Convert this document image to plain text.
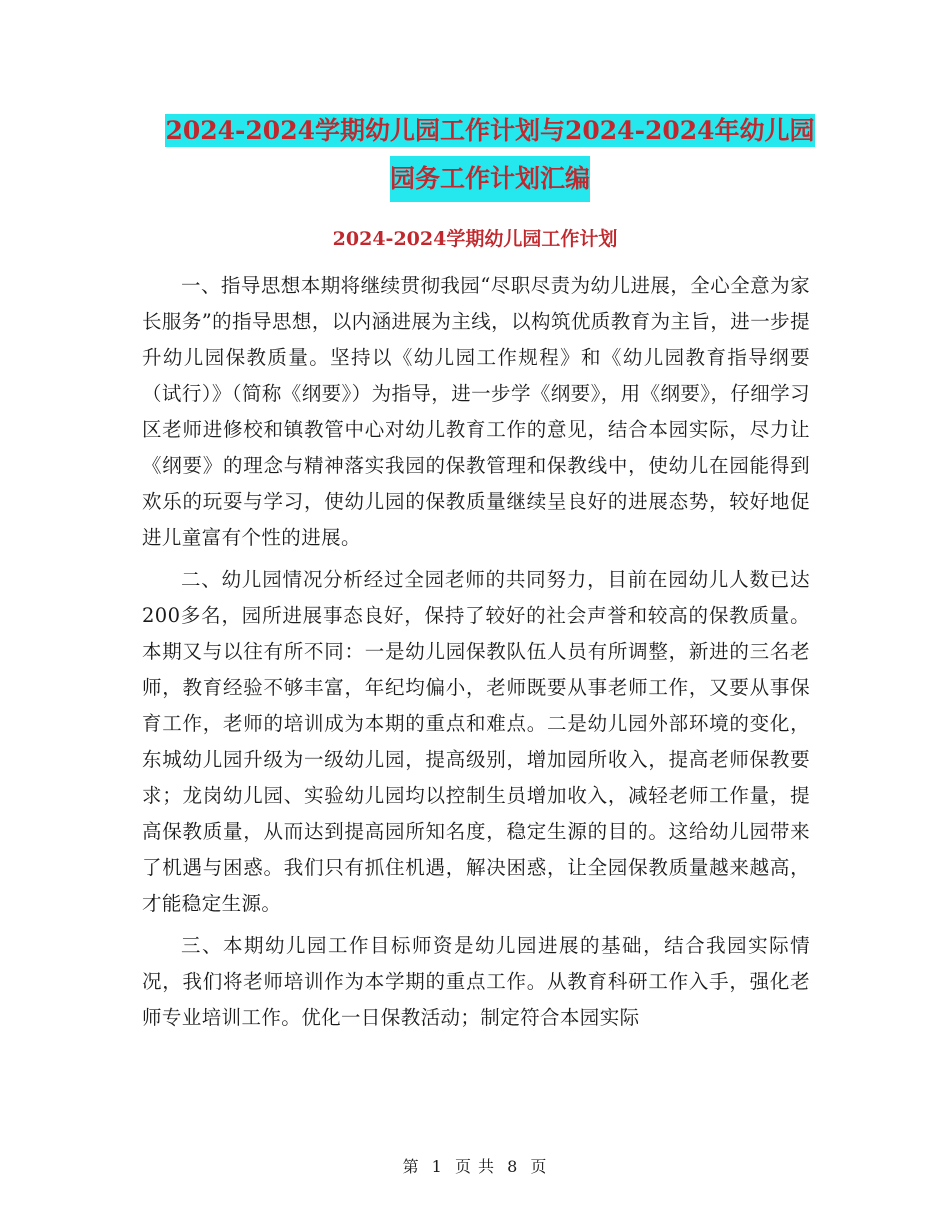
2024-2024学期幼儿园工作计划与2024-2024年幼儿园
园务工作计划汇编
2024-2024学期幼儿园工作计划

一、指导思想本期将继续贯彻我园“尽职尽责为幼儿进展，全心全意为家长服务”的指导思想，以内涵进展为主线，以构筑优质教育为主旨，进一步提升幼儿园保教质量。坚持以《幼儿园工作规程》和《幼儿园教育指导纲要（试行）》（简称《纲要》）为指导，进一步学《纲要》，用《纲要》，仔细学习区老师进修校和镇教管中心对幼儿教育工作的意见，结合本园实际，尽力让《纲要》的理念与精神落实我园的保教管理和保教线中，使幼儿在园能得到欢乐的玩耍与学习，使幼儿园的保教质量继续呈良好的进展态势，较好地促进儿童富有个性的进展。

二、幼儿园情况分析经过全园老师的共同努力，目前在园幼儿人数已达200多名，园所进展事态良好，保持了较好的社会声誉和较高的保教质量。本期又与以往有所不同：一是幼儿园保教队伍人员有所调整，新进的三名老师，教育经验不够丰富，年纪均偏小，老师既要从事老师工作，又要从事保育工作，老师的培训成为本期的重点和难点。二是幼儿园外部环境的变化，东城幼儿园升级为一级幼儿园，提高级别，增加园所收入，提高老师保教要求；龙岗幼儿园、实验幼儿园均以控制生员增加收入，减轻老师工作量，提高保教质量，从而达到提高园所知名度，稳定生源的目的。这给幼儿园带来了机遇与困惑。我们只有抓住机遇，解决困惑，让全园保教质量越来越高，才能稳定生源。

三、本期幼儿园工作目标师资是幼儿园进展的基础，结合我园实际情况，我们将老师培训作为本学期的重点工作。从教育科研工作入手，强化老师专业培训工作。优化一日保教活动；制定符合本园实际

第 1 页 共 8 页
